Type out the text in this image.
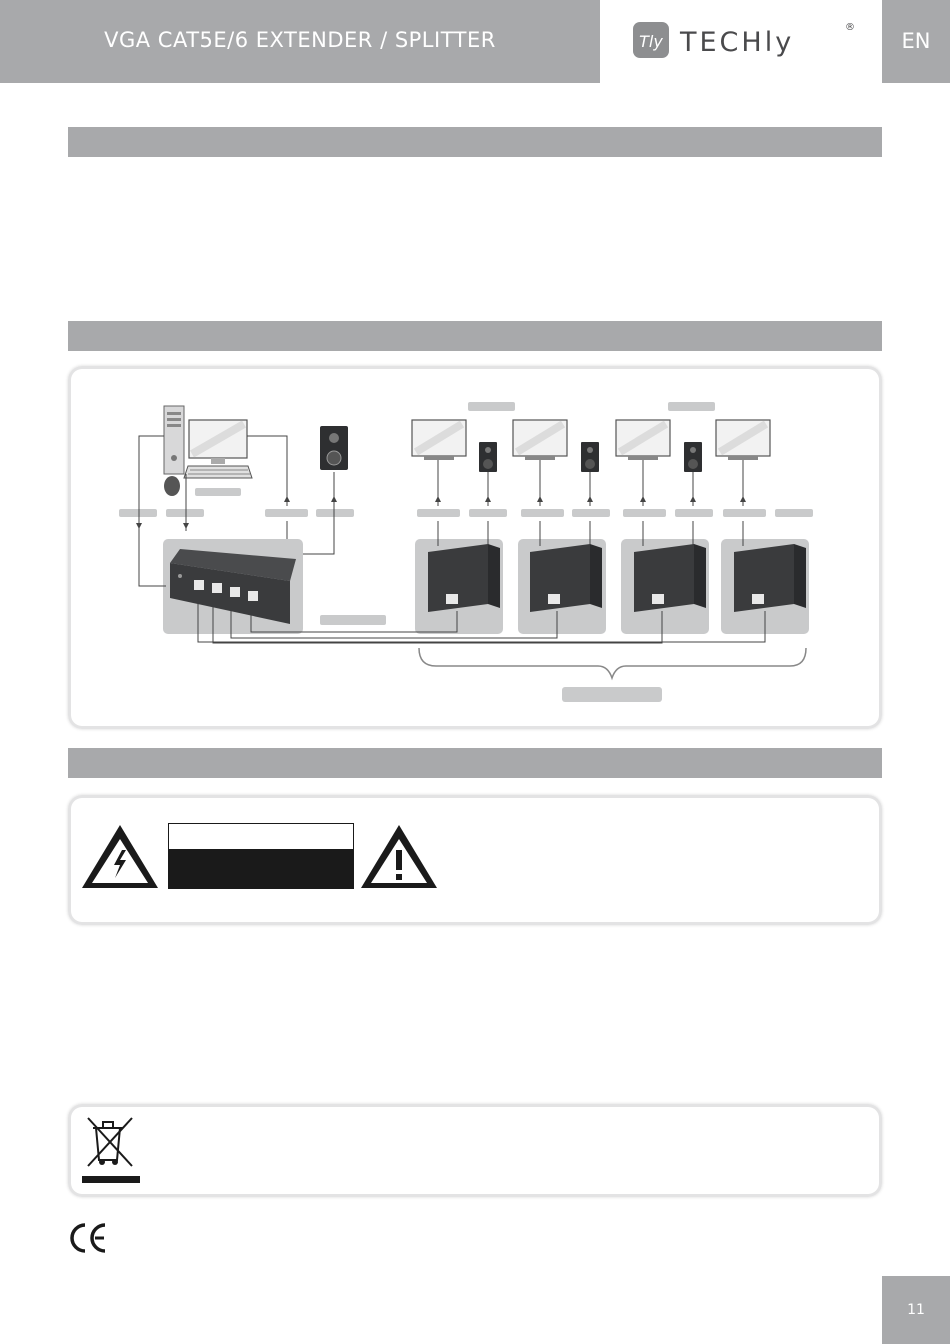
VGA CAT5E/6 EXTENDER / SPLITTER	Tly TECHly	®
EN
11
